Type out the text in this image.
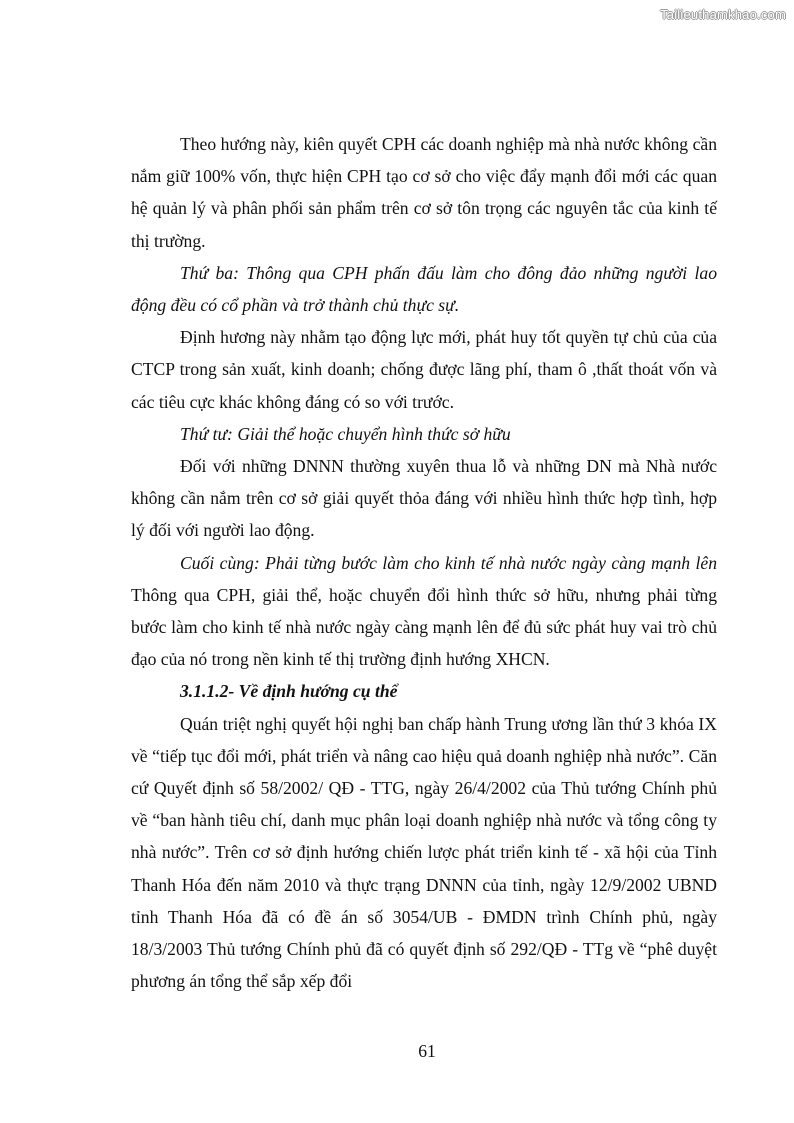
Tailieuthamkhao.com

Theo hướng này, kiên quyết CPH các doanh nghiệp mà nhà nước không cần nắm giữ 100% vốn, thực hiện CPH tạo cơ sở cho việc đẩy mạnh đổi mới các quan hệ quản lý và phân phối sản phẩm trên cơ sở tôn trọng các nguyên tắc của kinh tế thị trường.

Thứ ba: Thông qua CPH phấn đấu làm cho đông đảo những người lao động đều có cổ phần và trở thành chủ thực sự.

Định hương này nhằm tạo động lực mới, phát huy tốt quyền tự chủ của của CTCP trong sản xuất, kinh doanh; chống được lãng phí, tham ô ,thất thoát vốn và các tiêu cực khác không đáng có so với trước.

Thứ tư: Giải thể hoặc chuyển hình thức sở hữu

Đối với những DNNN thường xuyên thua lỗ và những DN mà Nhà nước không cần nắm trên cơ sở giải quyết thỏa đáng với nhiều hình thức hợp tình, hợp lý đối với người lao động.

Cuối cùng: Phải từng bước làm cho kinh tế nhà nước ngày càng mạnh lên Thông qua CPH, giải thể, hoặc chuyển đổi hình thức sở hữu, nhưng phải từng bước làm cho kinh tế nhà nước ngày càng mạnh lên để đủ sức phát huy vai trò chủ đạo của nó trong nền kinh tế thị trường định hướng XHCN.

3.1.1.2- Về định hướng cụ thể

Quán triệt nghị quyết hội nghị ban chấp hành Trung ương lần thứ 3 khóa IX về “tiếp tục đổi mới, phát triển và nâng cao hiệu quả doanh nghiệp nhà nước”. Căn cứ Quyết định số 58/2002/ QĐ - TTG, ngày 26/4/2002 của Thủ tướng Chính phủ về “ban hành tiêu chí, danh mục phân loại doanh nghiệp nhà nước và tổng công ty nhà nước”. Trên cơ sở định hướng chiến lược phát triển kinh tế - xã hội của Tỉnh Thanh Hóa đến năm 2010 và thực trạng DNNN của tỉnh, ngày 12/9/2002 UBND tỉnh Thanh Hóa đã có đề án số 3054/UB - ĐMDN trình Chính phủ, ngày 18/3/2003 Thủ tướng Chính phủ đã có quyết định số 292/QĐ - TTg về “phê duyệt phương án tổng thể sắp xếp đổi

61
